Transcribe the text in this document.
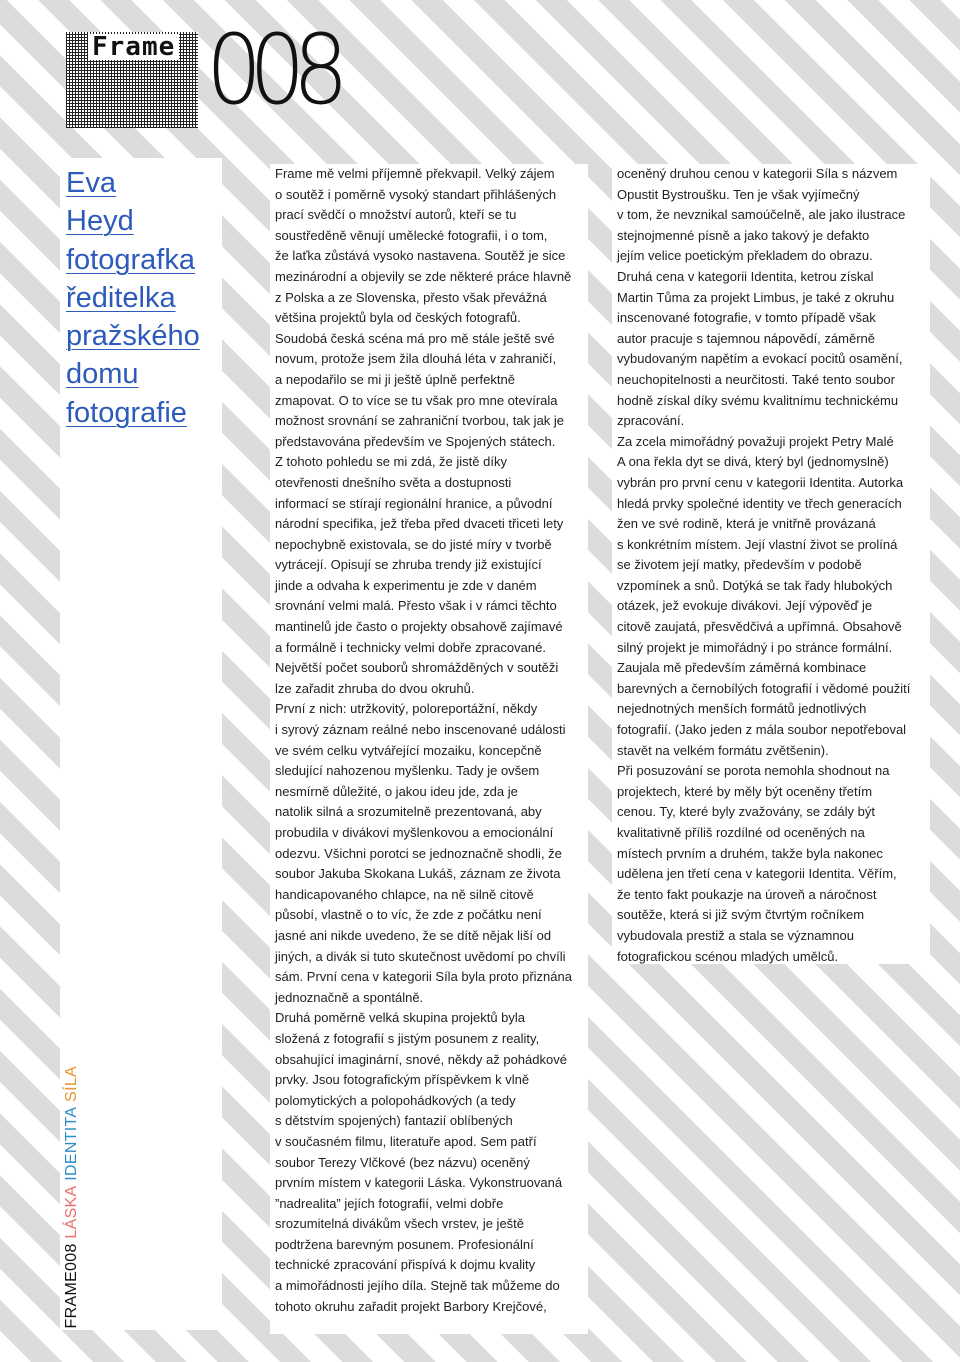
Frame 008
Eva
Heyd
fotografka
ředitelka
pražského
domu
fotografie
FRAME008 LÁSKA IDENTITA SÍLA

Frame mě velmi příjemně překvapil. Velký zájem
o soutěž i poměrně vysoký standart přihlášených
prací svědčí o množství autorů, kteří se tu
soustředěně věnují umělecké fotografii, i o tom,
že laťka zůstává vysoko nastavena. Soutěž je sice
mezinárodní a objevily se zde některé práce hlavně
z Polska a ze Slovenska, přesto však převážná
většina projektů byla od českých fotografů.
Soudobá česká scéna má pro mě stále ještě své
novum, protože jsem žila dlouhá léta v zahraničí,
a nepodařilo se mi ji ještě úplně perfektně
zmapovat. O to více se tu však pro mne otevírala
možnost srovnání se zahraniční tvorbou, tak jak je
představována především ve Spojených státech.
Z tohoto pohledu se mi zdá, že jistě díky
otevřenosti dnešního světa a dostupnosti
informací se stírají regionální hranice, a původní
národní specifika, jež třeba před dvaceti třiceti lety
nepochybně existovala, se do jisté míry v tvorbě
vytrácejí. Opisují se zhruba trendy již existující
jinde a odvaha k experimentu je zde v daném
srovnání velmi malá. Přesto však i v rámci těchto
mantinelů jde často o projekty obsahově zajímavé
a formálně i technicky velmi dobře zpracované.
Největší počet souborů shromážděných v soutěži
lze zařadit zhruba do dvou okruhů.
První z nich: utržkovitý, poloreportážní, někdy
i syrový záznam reálné nebo inscenované události
ve svém celku vytvářející mozaiku, koncepčně
sledující nahozenou myšlenku. Tady je ovšem
nesmírně důležité, o jakou ideu jde, zda je
natolik silná a srozumitelně prezentovaná, aby
probudila v divákovi myšlenkovou a emocionální
odezvu. Všichni porotci se jednoznačně shodli, že
soubor Jakuba Skokana Lukáš, záznam ze života
handicapovaného chlapce, na ně silně citově
působí, vlastně o to víc, že zde z počátku není
jasné ani nikde uvedeno, že se dítě nějak liší od
jiných, a divák si tuto skutečnost uvědomí po chvíli
sám. První cena v kategorii Síla byla proto přiznána
jednoznačně a spontálně.
Druhá poměrně velká skupina projektů byla
složená z fotografií s jistým posunem z reality,
obsahující imaginární, snové, někdy až pohádkové
prvky. Jsou fotografickým příspěvkem k vlně
polomytických a polopohádkových (a tedy
s dětstvím spojených) fantazií oblíbených
v současném filmu, literatuře apod. Sem patří
soubor Terezy Vlčkové (bez názvu) oceněný
prvním místem v kategorii Láska. Vykonstruovaná
”nadrealita” jejích fotografií, velmi dobře
srozumitelná divákům všech vrstev, je ještě
podtržena barevným posunem. Profesionální
technické zpracování přispívá k dojmu kvality
a mimořádnosti jejího díla. Stejně tak můžeme do
tohoto okruhu zařadit projekt Barbory Krejčové,

oceněný druhou cenou v kategorii Síla s názvem
Opustit Bystroušku. Ten je však vyjímečný
v tom, že nevznikal samoúčelně, ale jako ilustrace
stejnojmenné písně a jako takový je defakto
jejím velice poetickým překladem do obrazu.
Druhá cena v kategorii Identita, ketrou získal
Martin Tůma za projekt Limbus, je také z okruhu
inscenované fotografie, v tomto případě však
autor pracuje s tajemnou nápovědí, záměrně
vybudovaným napětím a evokací pocitů osamění,
neuchopitelnosti a neurčitosti. Také tento soubor
hodně získal díky svému kvalitnímu technickému
zpracování.
Za zcela mimořádný považuji projekt Petry Malé
A ona řekla dyt se divá, který byl (jednomyslně)
vybrán pro první cenu v kategorii Identita. Autorka
hledá prvky společné identity ve třech generacích
žen ve své rodině, která je vnitřně provázaná
s konkrétním místem. Její vlastní život se prolíná
se životem její matky, především v podobě
vzpomínek a snů. Dotýká se tak řady hlubokých
otázek, jež evokuje divákovi. Její výpověď je
citově zaujatá, přesvědčivá a upřímná. Obsahově
silný projekt je mimořádný i po stránce formální.
Zaujala mě především záměrná kombinace
barevných a černobílých fotografií i vědomé použití
nejednotných menších formátů jednotlivých
fotografií. (Jako jeden z mála soubor nepotřeboval
stavět na velkém formátu zvětšenin).
Při posuzování se porota nemohla shodnout na
projektech, které by měly být oceněny třetím
cenou. Ty, které byly zvažovány, se zdály být
kvalitativně příliš rozdílné od oceněných na
místech prvním a druhém, takže byla nakonec
udělena jen třetí cena v kategorii Identita. Věřím,
že tento fakt poukazje na úroveň a náročnost
soutěže, která si již svým čtvrtým ročníkem
vybudovala prestiž a stala se významnou
fotografickou scénou mladých umělců.
